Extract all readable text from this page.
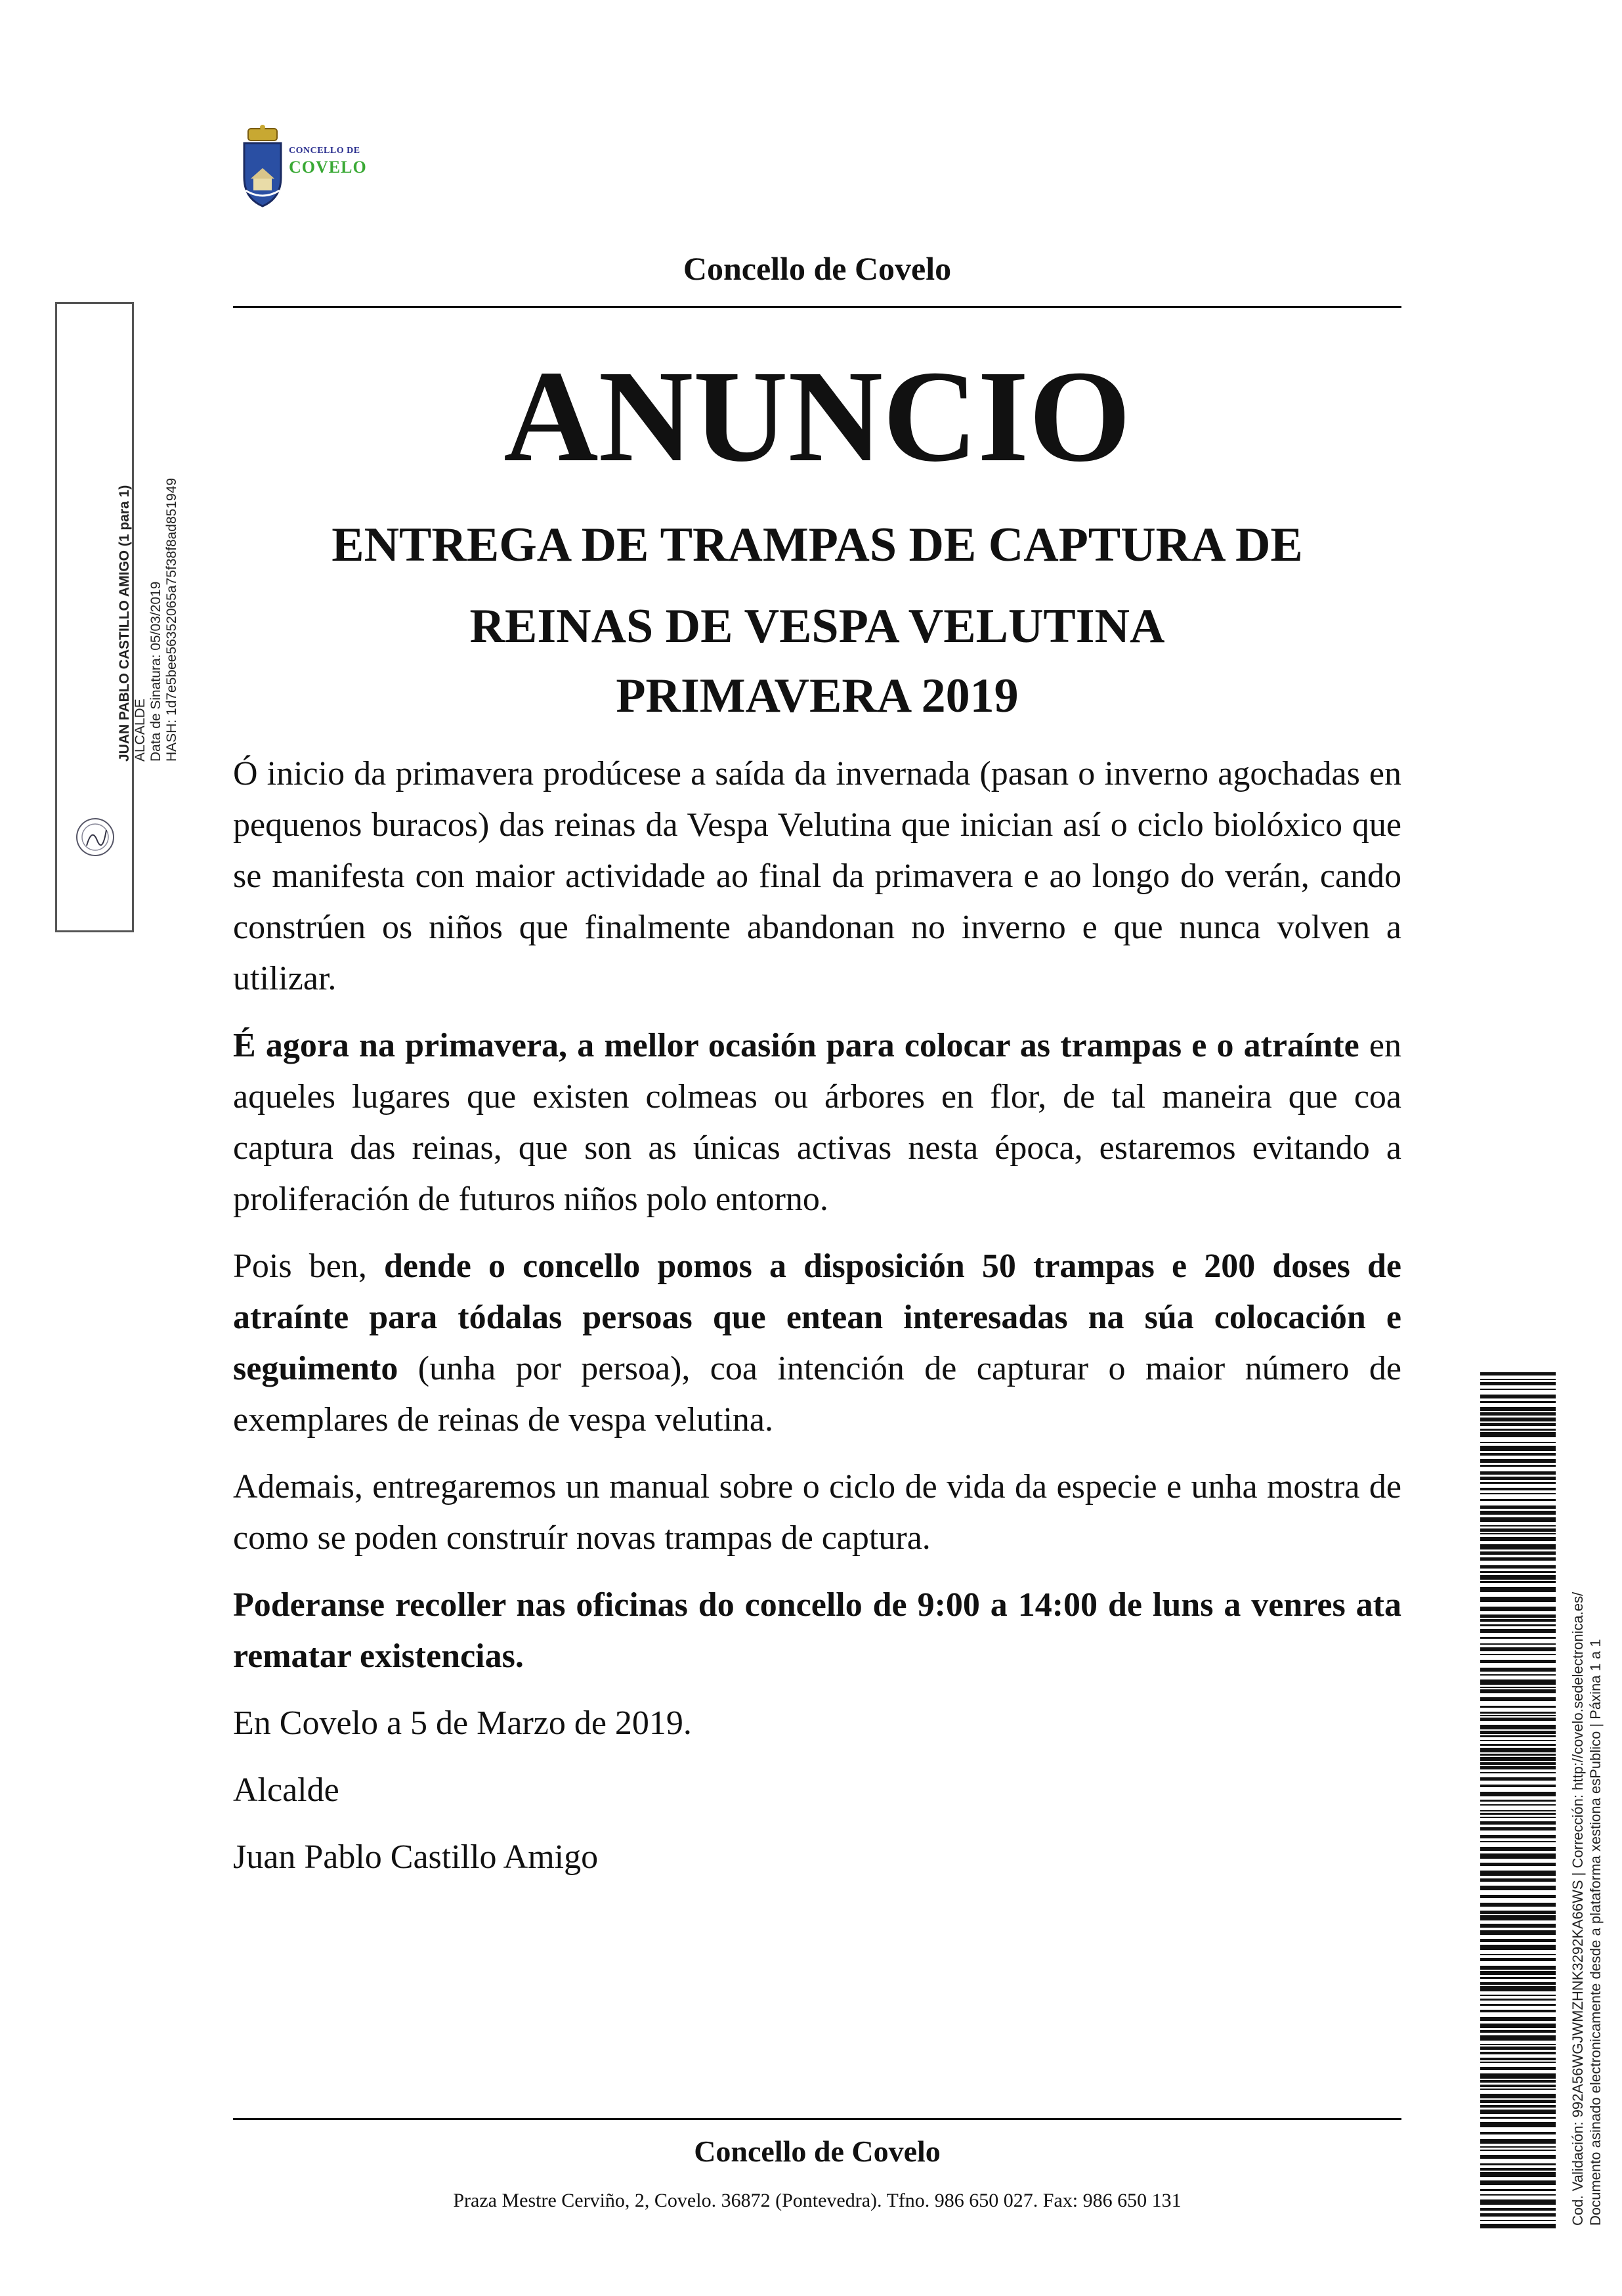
CONCELLO DE
COVELO
Concello de Covelo
ANUNCIO
ENTREGA DE TRAMPAS DE CAPTURA DE
REINAS DE VESPA VELUTINA
PRIMAVERA 2019

Ó inicio da primavera prodúcese a saída da invernada (pasan o inverno agochadas en pequenos buracos) das reinas da Vespa Velutina que inician así o ciclo biolóxico que se manifesta con maior actividade ao final da primavera e ao longo do verán, cando constrúen os niños que finalmente abandonan no inverno e que nunca volven a utilizar.

É agora na primavera, a mellor ocasión para colocar as trampas e o atraínte en aqueles lugares que existen colmeas ou árbores en flor, de tal maneira que coa captura das reinas, que son as únicas activas nesta época, estaremos evitando a proliferación de futuros niños polo entorno.

Pois ben, dende o concello pomos a disposición 50 trampas e 200 doses de atraínte para tódalas persoas que entean interesadas na súa colocación e seguimento (unha por persoa), coa intención de capturar o maior número de exemplares de reinas de vespa velutina.

Ademais, entregaremos un manual sobre o ciclo de vida da especie e unha mostra de como se poden construír novas trampas de captura.

Poderanse recoller nas oficinas do concello de 9:00 a 14:00 de luns a venres ata rematar existencias.

En Covelo a 5 de Marzo de 2019.

Alcalde

Juan Pablo Castillo Amigo

Concello de Covelo
Praza Mestre Cerviño, 2, Covelo. 36872 (Pontevedra). Tfno. 986 650 027. Fax: 986 650 131
JUAN PABLO CASTILLO AMIGO (1 para 1) ALCALDE Data de Sinatura: 05/03/2019 HASH: 1d7e5bee56352065a75f38f8ad851949
Cod. Validación: 992A56WGJWMZHNK3292KA66WS | Corrección: http://covelo.sedelectronica.es/ Documento asinado electronicamente desde a plataforma xestiona esPublico | Páxina 1 a 1
